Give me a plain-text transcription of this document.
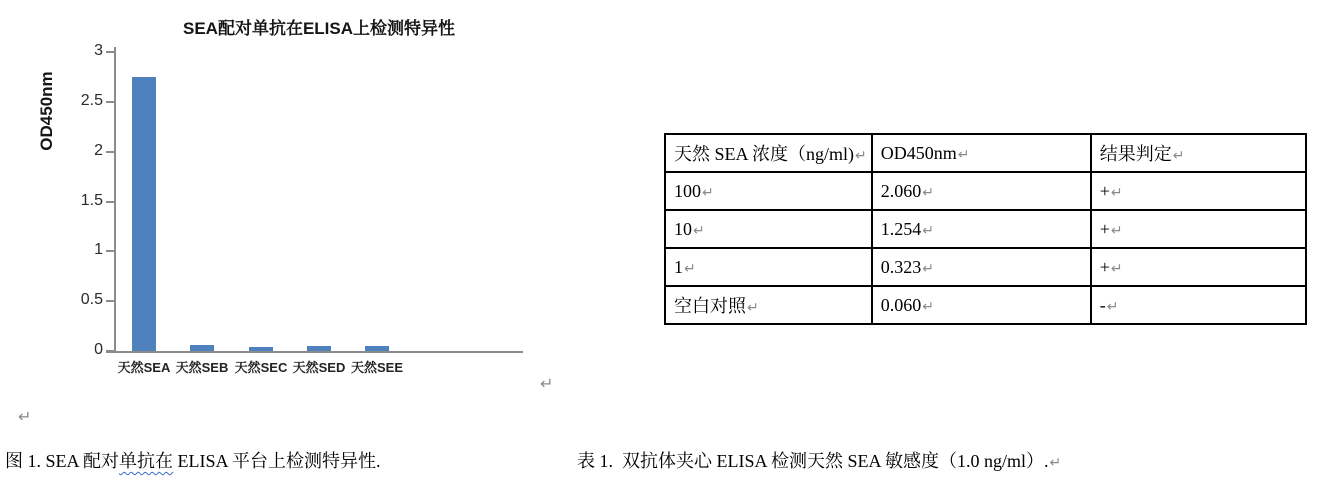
SEA配对单抗在ELISA上检测特异性
OD450nm
3
2.5
2
1.5
1
0.5
0
天然SEA 天然SEB 天然SEC 天然SED 天然SEE
↵
↵
天然 SEA 浓度（ng/ml)↵	OD450nm↵	结果判定↵
100↵	2.060↵	+↵
10↵	1.254↵	+↵
1↵	0.323↵	+↵
空白对照↵	0.060↵	-↵
图 1. SEA 配对单抗在 ELISA 平台上检测特异性.	表 1.  双抗体夹心 ELISA 检测天然 SEA 敏感度（1.0 ng/ml）.↵
